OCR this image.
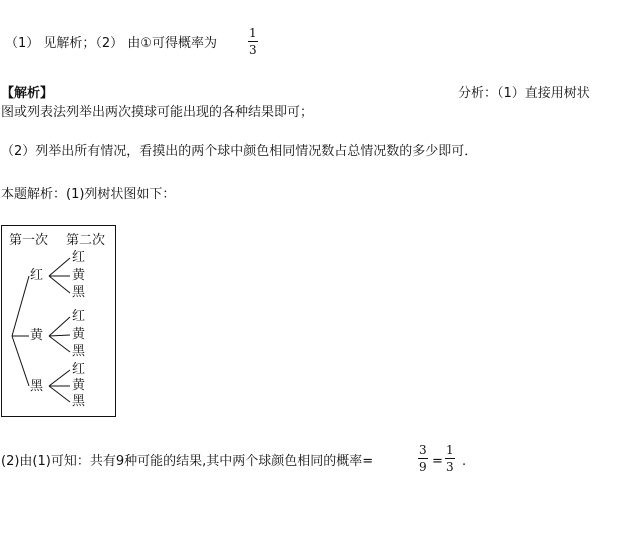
（1） 见解析；（2） 由①可得概率为
1
3
【解析】	分析：（1）直接用树状
图或列表法列举出两次摸球可能出现的各种结果即可；
（2）列举出所有情况，看摸出的两个球中颜色相同情况数占总情况数的多少即可．
本题解析：(1)列树状图如下：
第一次 第二次
红
黄
黑
红
黄
黑
红
黄
黑
红
黄
黑
(2)由(1)可知：共有9种可能的结果,其中两个球颜色相同的概率=
3
9 =
1
3 .
